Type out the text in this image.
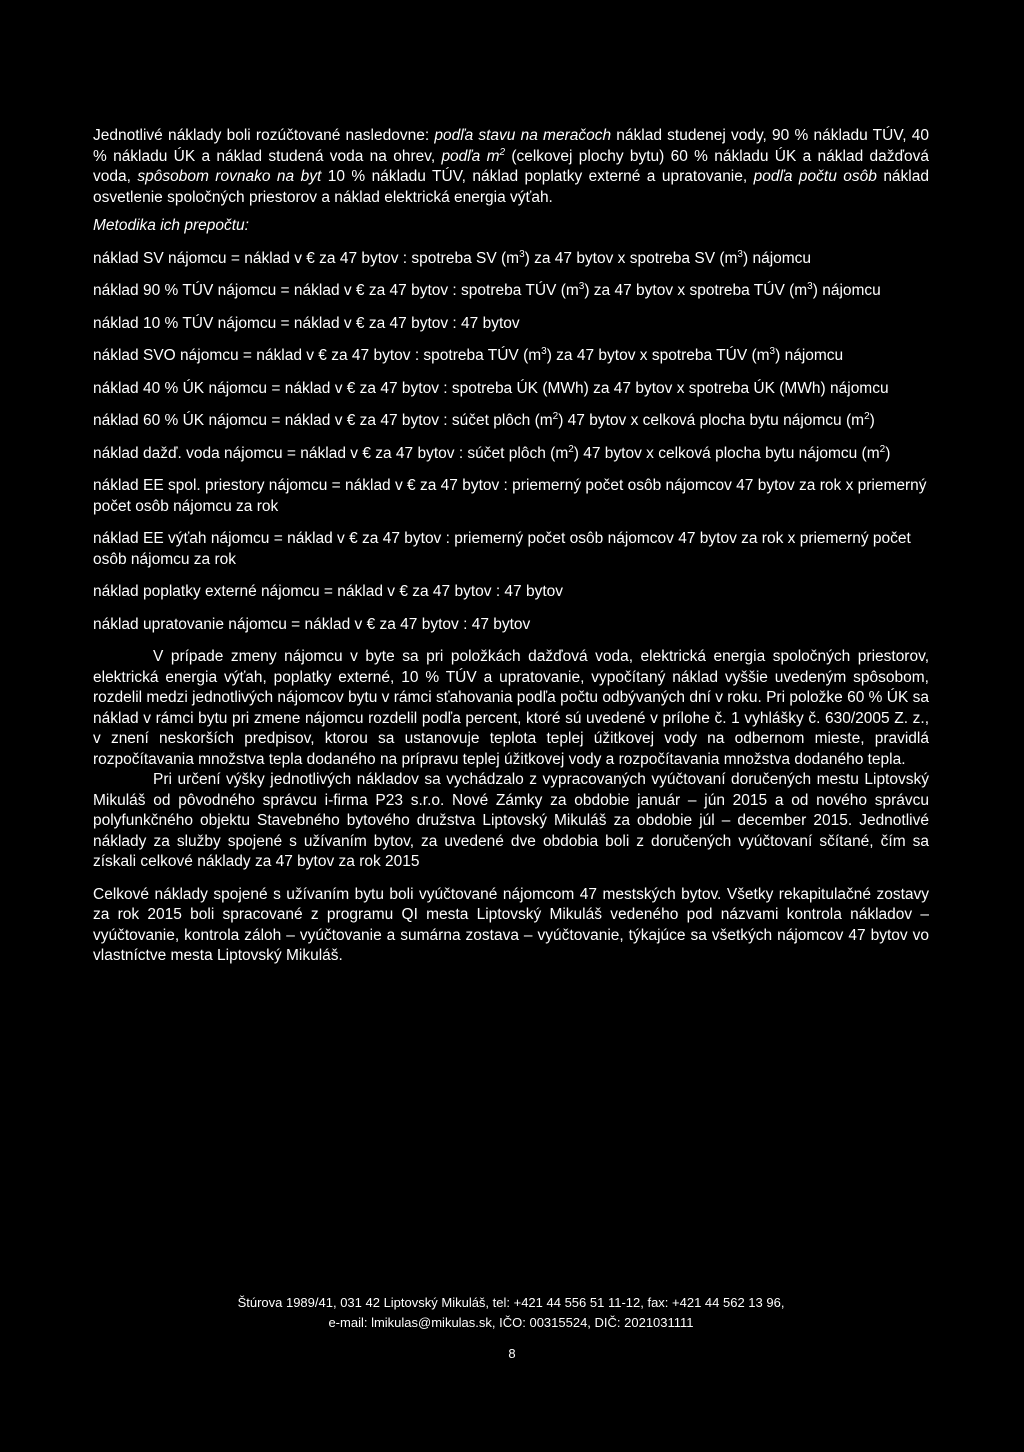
Jednotlivé náklady boli rozúčtované nasledovne: podľa stavu na meračoch náklad studenej vody, 90 % nákladu TÚV, 40 % nákladu ÚK a náklad studená voda na ohrev, podľa $m^2$ (celkovej plochy bytu) 60 % nákladu ÚK a náklad dažďová voda, spôsobom rovnako na byt 10 % nákladu TÚV, náklad poplatky externé a upratovanie, podľa počtu osôb náklad osvetlenie spoločných priestorov a náklad elektrická energia výťah.

Metodika ich prepočtu:

náklad SV nájomcu = náklad v € za 47 bytov : spotreba SV $(m^3)$ za 47 bytov x spotreba SV $(m^3)$ nájomcu

náklad 90 % TÚV nájomcu = náklad v € za 47 bytov : spotreba TÚV $(m^3)$ za 47 bytov x spotreba TÚV $(m^3)$ nájomcu

náklad 10 % TÚV nájomcu = náklad v € za 47 bytov : 47 bytov

náklad SVO nájomcu = náklad v € za 47 bytov : spotreba TÚV $(m^3)$ za 47 bytov x spotreba TÚV $(m^3)$ nájomcu

náklad 40 % ÚK nájomcu = náklad v € za 47 bytov : spotreba ÚK (MWh) za 47 bytov x spotreba ÚK (MWh) nájomcu

náklad 60 % ÚK nájomcu = náklad v € za 47 bytov : súčet plôch $(m^2)$ 47 bytov x celková plocha bytu nájomcu $(m^2)$

náklad dažď. voda nájomcu = náklad v € za 47 bytov : súčet plôch $(m^2)$ 47 bytov x celková plocha bytu nájomcu $(m^2)$

náklad EE spol. priestory nájomcu = náklad v € za 47 bytov : priemerný počet osôb nájomcov 47 bytov za rok x priemerný počet osôb nájomcu za rok

náklad EE výťah nájomcu = náklad v € za 47 bytov : priemerný počet osôb nájomcov 47 bytov za rok x priemerný počet osôb nájomcu za rok

náklad poplatky externé nájomcu = náklad v € za 47 bytov : 47 bytov

náklad upratovanie nájomcu = náklad v € za 47 bytov : 47 bytov

V prípade zmeny nájomcu v byte sa pri položkách dažďová voda, elektrická energia spoločných priestorov, elektrická energia výťah, poplatky externé, 10 % TÚV a upratovanie, vypočítaný náklad vyššie uvedeným spôsobom, rozdelil medzi jednotlivých nájomcov bytu v rámci sťahovania podľa počtu odbývaných dní v roku. Pri položke 60 % ÚK sa náklad v rámci bytu pri zmene nájomcu rozdelil podľa percent, ktoré sú uvedené v prílohe č. 1 vyhlášky č. 630/2005 Z. z., v znení neskorších predpisov, ktorou sa ustanovuje teplota teplej úžitkovej vody na odbernom mieste, pravidlá rozpočítavania množstva tepla dodaného na prípravu teplej úžitkovej vody a rozpočítavania množstva dodaného tepla.

Pri určení výšky jednotlivých nákladov sa vychádzalo z vypracovaných vyúčtovaní doručených mestu Liptovský Mikuláš od pôvodného správcu i-firma P23 s.r.o. Nové Zámky za obdobie január – jún 2015 a od nového správcu polyfunkčného objektu Stavebného bytového družstva Liptovský Mikuláš za obdobie júl – december 2015. Jednotlivé náklady za služby spojené s užívaním bytov, za uvedené dve obdobia boli z doručených vyúčtovaní sčítané, čím sa získali celkové náklady za 47 bytov za rok 2015

Celkové náklady spojené s užívaním bytu boli vyúčtované nájomcom 47 mestských bytov. Všetky rekapitulačné zostavy za rok 2015 boli spracované z programu QI mesta Liptovský Mikuláš vedeného pod názvami kontrola nákladov – vyúčtovanie, kontrola záloh – vyúčtovanie a sumárna zostava – vyúčtovanie, týkajúce sa všetkých nájomcov 47 bytov vo vlastníctve mesta Liptovský Mikuláš.

Štúrova 1989/41, 031 42 Liptovský Mikuláš, tel: +421 44 556 51 11-12, fax: +421 44 562 13 96,
e-mail: lmikulas@mikulas.sk, IČO: 00315524, DIČ: 2021031111
8
